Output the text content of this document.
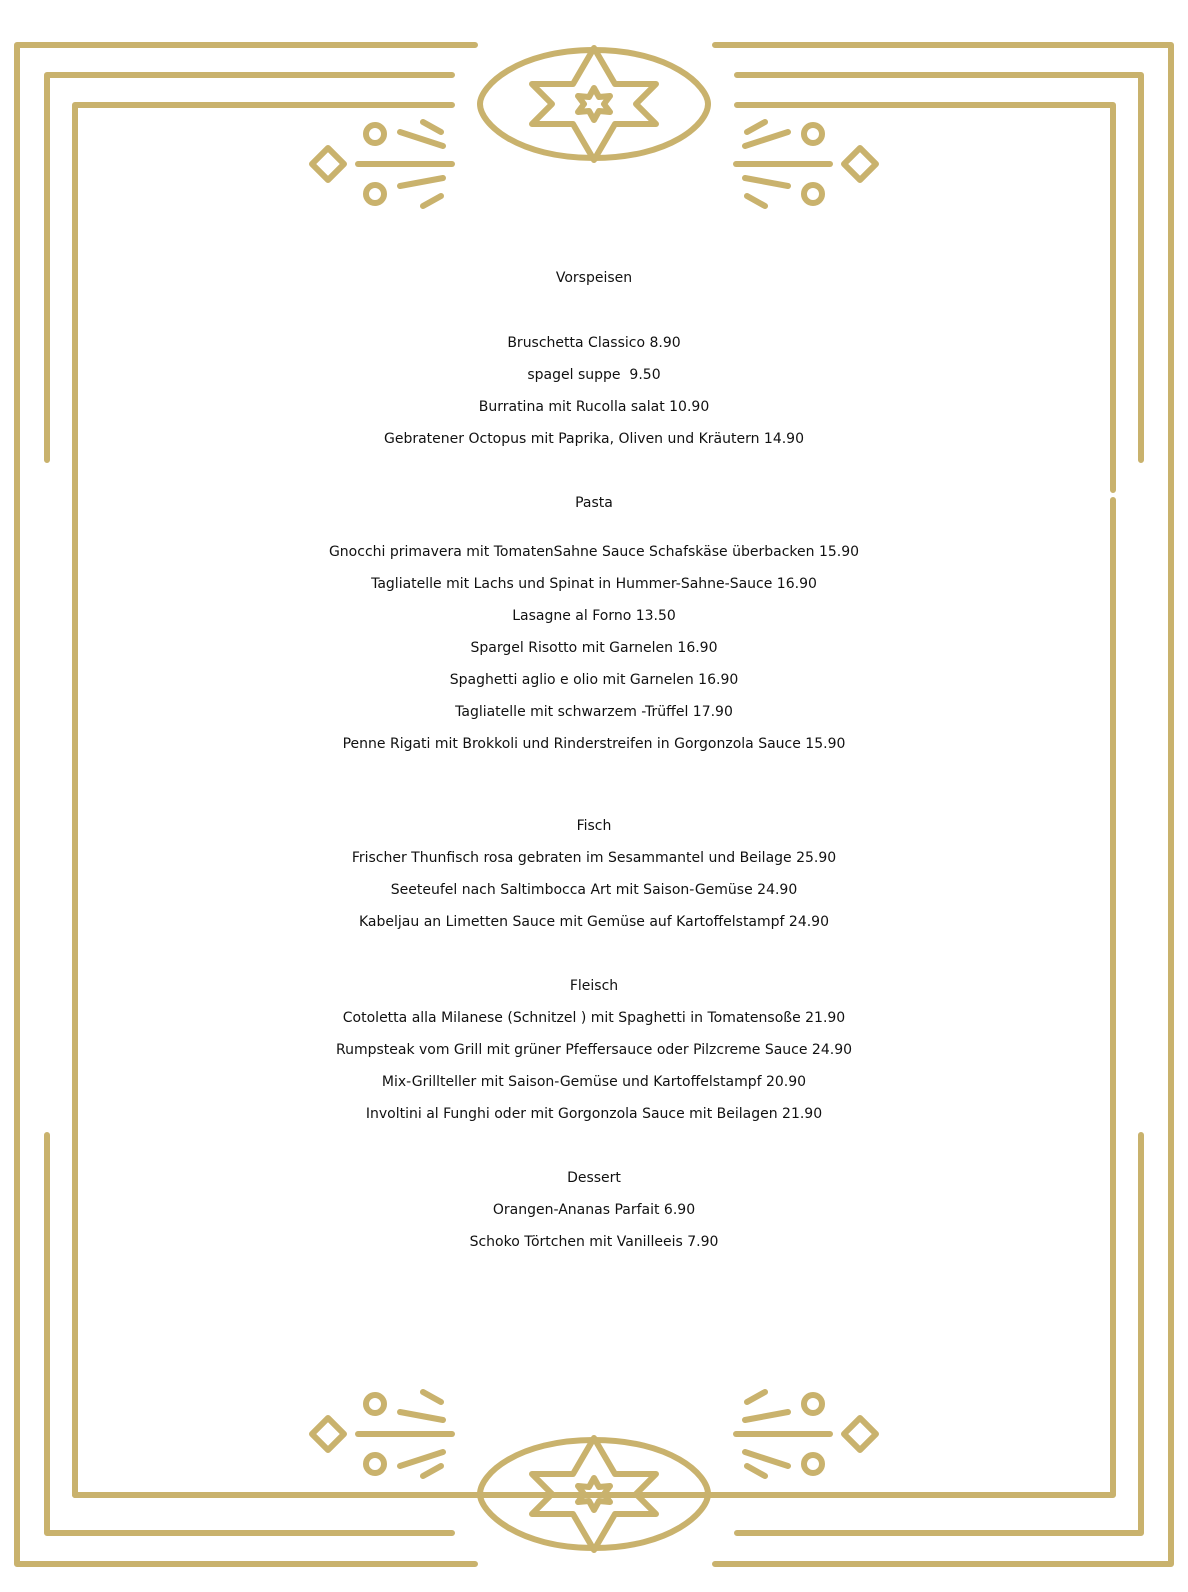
Vorspeisen
Bruschetta Classico 8.90
spagel suppe  9.50
Burratina mit Rucolla salat 10.90
Gebratener Octopus mit Paprika, Oliven und Kräutern 14.90
Pasta
Gnocchi primavera mit TomatenSahne Sauce Schafskäse überbacken 15.90
Tagliatelle mit Lachs und Spinat in Hummer-Sahne-Sauce 16.90
Lasagne al Forno 13.50
Spargel Risotto mit Garnelen 16.90
Spaghetti aglio e olio mit Garnelen 16.90
Tagliatelle mit schwarzem -Trüffel 17.90
Penne Rigati mit Brokkoli und Rinderstreifen in Gorgonzola Sauce 15.90
Fisch
Frischer Thunfisch rosa gebraten im Sesammantel und Beilage 25.90
Seeteufel nach Saltimbocca Art mit Saison-Gemüse 24.90
Kabeljau an Limetten Sauce mit Gemüse auf Kartoffelstampf 24.90
Fleisch
Cotoletta alla Milanese (Schnitzel ) mit Spaghetti in Tomatensoße 21.90
Rumpsteak vom Grill mit grüner Pfeffersauce oder Pilzcreme Sauce 24.90
Mix-Grillteller mit Saison-Gemüse und Kartoffelstampf 20.90
Involtini al Funghi oder mit Gorgonzola Sauce mit Beilagen 21.90
Dessert
Orangen-Ananas Parfait 6.90
Schoko Törtchen mit Vanilleeis 7.90
